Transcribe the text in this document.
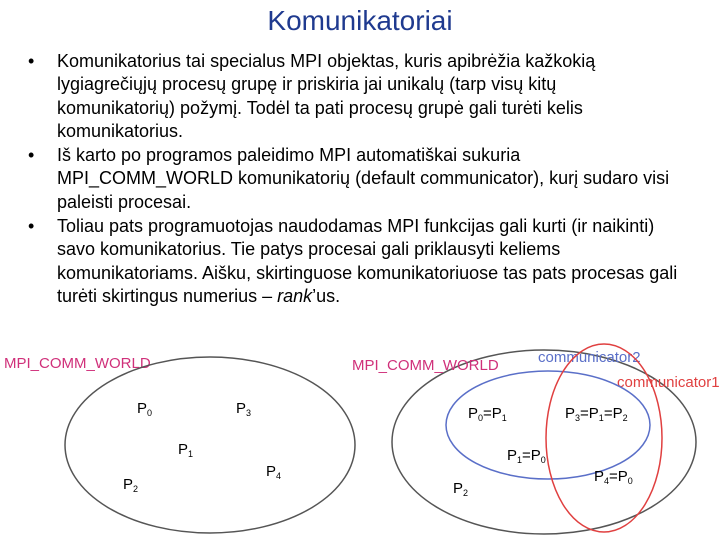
Komunikatoriai
• Komunikatorius tai specialus MPI objektas, kuris apibrėžia kažkokią lygiagrečiųjų procesų grupę ir priskiria jai unikalų (tarp visų kitų komunikatorių) požymį. Todėl ta pati procesų grupė gali turėti kelis komunikatorius.
• Iš karto po programos paleidimo MPI automatiškai sukuria MPI_COMM_WORLD komunikatorių (default communicator), kurį sudaro visi paleisti procesai.
• Toliau pats programuotojas naudodamas MPI funkcijas gali kurti (ir naikinti) savo komunikatorius. Tie patys procesai gali priklausyti keliems komunikatoriams. Aišku, skirtinguose komunikatoriuose tas pats procesas gali turėti skirtingus numerius – rank’us.
MPI_COMM_WORLD
$P_0$	$P_3$
$P_1$
$P_4$
$P_2$
MPI_COMM_WORLD	communicator2
communicator1
$P_0=P_1$	$P_3=P_1=P_2$
$P_1=P_0$
$P_4=P_0$
$P_2$
